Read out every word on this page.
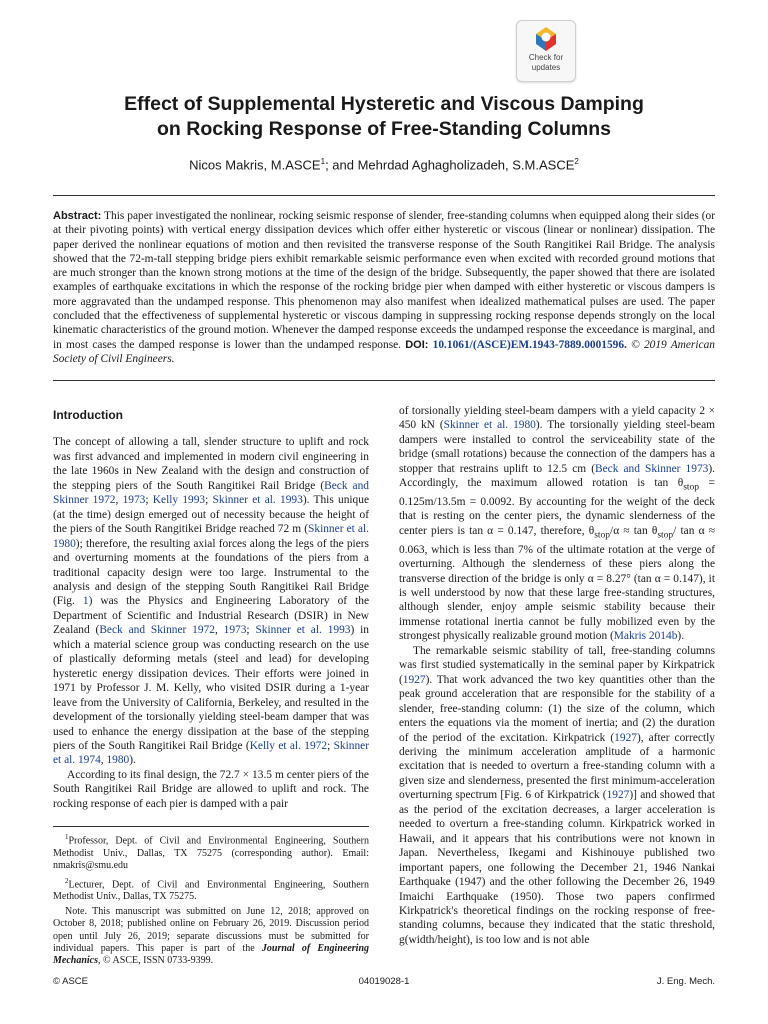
Check for
updates
Effect of Supplemental Hysteretic and Viscous Damping
on Rocking Response of Free-Standing Columns
Nicos Makris, M.ASCE$^1$; and Mehrdad Aghagholizadeh, S.M.ASCE$^2$
Abstract: This paper investigated the nonlinear, rocking seismic response of slender, free-standing columns when equipped along their sides (or at their pivoting points) with vertical energy dissipation devices which offer either hysteretic or viscous (linear or nonlinear) dissipation. The paper derived the nonlinear equations of motion and then revisited the transverse response of the South Rangitikei Rail Bridge. The analysis showed that the 72-m-tall stepping bridge piers exhibit remarkable seismic performance even when excited with recorded ground motions that are much stronger than the known strong motions at the time of the design of the bridge. Subsequently, the paper showed that there are isolated examples of earthquake excitations in which the response of the rocking bridge pier when damped with either hysteretic or viscous dampers is more aggravated than the undamped response. This phenomenon may also manifest when idealized mathematical pulses are used. The paper concluded that the effectiveness of supplemental hysteretic or viscous damping in suppressing rocking response depends strongly on the local kinematic characteristics of the ground motion. Whenever the damped response exceeds the undamped response the exceedance is marginal, and in most cases the damped response is lower than the undamped response. DOI: 10.1061/(ASCE)EM.1943-7889.0001596. © 2019 American Society of Civil Engineers.
Introduction

The concept of allowing a tall, slender structure to uplift and rock was first advanced and implemented in modern civil engineering in the late 1960s in New Zealand with the design and construction of the stepping piers of the South Rangitikei Rail Bridge (Beck and Skinner 1972, 1973; Kelly 1993; Skinner et al. 1993). This unique (at the time) design emerged out of necessity because the height of the piers of the South Rangitikei Bridge reached 72 m (Skinner et al. 1980); therefore, the resulting axial forces along the legs of the piers and overturning moments at the foundations of the piers from a traditional capacity design were too large. Instrumental to the analysis and design of the stepping South Rangitikei Rail Bridge (Fig. 1) was the Physics and Engineering Laboratory of the Department of Scientific and Industrial Research (DSIR) in New Zealand (Beck and Skinner 1972, 1973; Skinner et al. 1993) in which a material science group was conducting research on the use of plastically deforming metals (steel and lead) for developing hysteretic energy dissipation devices. Their efforts were joined in 1971 by Professor J. M. Kelly, who visited DSIR during a 1-year leave from the University of California, Berkeley, and resulted in the development of the torsionally yielding steel-beam damper that was used to enhance the energy dissipation at the base of the stepping piers of the South Rangitikei Rail Bridge (Kelly et al. 1972; Skinner et al. 1974, 1980).

According to its final design, the 72.7 × 13.5 m center piers of the South Rangitikei Rail Bridge are allowed to uplift and rock. The rocking response of each pier is damped with a pair

$^1$Professor, Dept. of Civil and Environmental Engineering, Southern Methodist Univ., Dallas, TX 75275 (corresponding author). Email: nmakris@smu.edu

$^2$Lecturer, Dept. of Civil and Environmental Engineering, Southern Methodist Univ., Dallas, TX 75275.

Note. This manuscript was submitted on June 12, 2018; approved on October 8, 2018; published online on February 26, 2019. Discussion period open until July 26, 2019; separate discussions must be submitted for individual papers. This paper is part of the Journal of Engineering Mechanics, © ASCE, ISSN 0733-9399.

of torsionally yielding steel-beam dampers with a yield capacity 2 × 450 kN (Skinner et al. 1980). The torsionally yielding steel-beam dampers were installed to control the serviceability state of the bridge (small rotations) because the connection of the dampers has a stopper that restrains uplift to 12.5 cm (Beck and Skinner 1973). Accordingly, the maximum allowed rotation is $\tan \theta_{stop} = 0.125m/13.5m = 0.0092$. By accounting for the weight of the deck that is resting on the center piers, the dynamic slenderness of the center piers is tan α = 0.147, therefore, $\theta_{stop}/\alpha \approx \tan \theta_{stop}/$ tan α ≈ 0.063, which is less than 7% of the ultimate rotation at the verge of overturning. Although the slenderness of these piers along the transverse direction of the bridge is only α = 8.27° (tan α = 0.147), it is well understood by now that these large free-standing structures, although slender, enjoy ample seismic stability because their immense rotational inertia cannot be fully mobilized even by the strongest physically realizable ground motion (Makris 2014b).

The remarkable seismic stability of tall, free-standing columns was first studied systematically in the seminal paper by Kirkpatrick (1927). That work advanced the two key quantities other than the peak ground acceleration that are responsible for the stability of a slender, free-standing column: (1) the size of the column, which enters the equations via the moment of inertia; and (2) the duration of the period of the excitation. Kirkpatrick (1927), after correctly deriving the minimum acceleration amplitude of a harmonic excitation that is needed to overturn a free-standing column with a given size and slenderness, presented the first minimum-acceleration overturning spectrum [Fig. 6 of Kirkpatrick (1927)] and showed that as the period of the excitation decreases, a larger acceleration is needed to overturn a free-standing column. Kirkpatrick worked in Hawaii, and it appears that his contributions were not known in Japan. Nevertheless, Ikegami and Kishinouye published two important papers, one following the December 21, 1946 Nankai Earthquake (1947) and the other following the December 26, 1949 Imaichi Earthquake (1950). Those two papers confirmed Kirkpatrick's theoretical findings on the rocking response of free-standing columns, because they indicated that the static threshold, g(width/height), is too low and is not able

© ASCE	04019028-1	J. Eng. Mech.
